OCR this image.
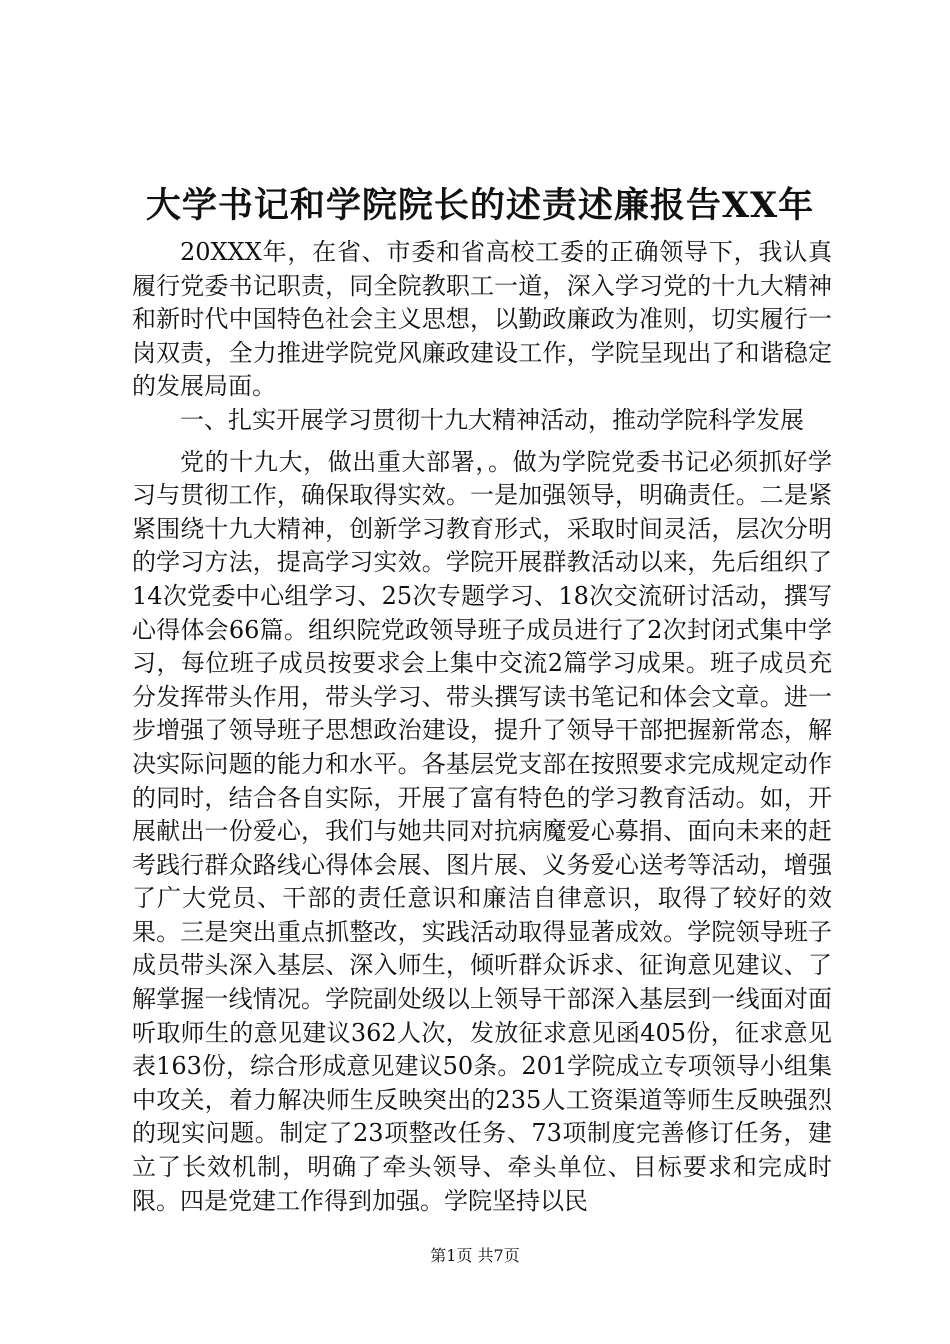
大学书记和学院院长的述责述廉报告XX年

20XXX年，在省、市委和省高校工委的正确领导下，我认真履行党委书记职责，同全院教职工一道，深入学习党的十九大精神和新时代中国特色社会主义思想，以勤政廉政为准则，切实履行一岗双责，全力推进学院党风廉政建设工作，学院呈现出了和谐稳定的发展局面。

一、扎实开展学习贯彻十九大精神活动，推动学院科学发展

党的十九大，做出重大部署，。做为学院党委书记必须抓好学习与贯彻工作，确保取得实效。一是加强领导，明确责任。二是紧紧围绕十九大精神，创新学习教育形式，采取时间灵活，层次分明的学习方法，提高学习实效。学院开展群教活动以来，先后组织了14次党委中心组学习、25次专题学习、18次交流研讨活动，撰写心得体会66篇。组织院党政领导班子成员进行了2次封闭式集中学习，每位班子成员按要求会上集中交流2篇学习成果。班子成员充分发挥带头作用，带头学习、带头撰写读书笔记和体会文章。进一步增强了领导班子思想政治建设，提升了领导干部把握新常态，解决实际问题的能力和水平。各基层党支部在按照要求完成规定动作的同时，结合各自实际，开展了富有特色的学习教育活动。如，开展献出一份爱心，我们与她共同对抗病魔爱心募捐、面向未来的赶考践行群众路线心得体会展、图片展、义务爱心送考等活动，增强了广大党员、干部的责任意识和廉洁自律意识，取得了较好的效果。三是突出重点抓整改，实践活动取得显著成效。学院领导班子成员带头深入基层、深入师生，倾听群众诉求、征询意见建议、了解掌握一线情况。学院副处级以上领导干部深入基层到一线面对面听取师生的意见建议362人次，发放征求意见函405份，征求意见表163份，综合形成意见建议50条。201学院成立专项领导小组集中攻关，着力解决师生反映突出的235人工资渠道等师生反映强烈的现实问题。制定了23项整改任务、73项制度完善修订任务，建立了长效机制，明确了牵头领导、牵头单位、目标要求和完成时限。四是党建工作得到加强。学院坚持以民

第1页 共7页
